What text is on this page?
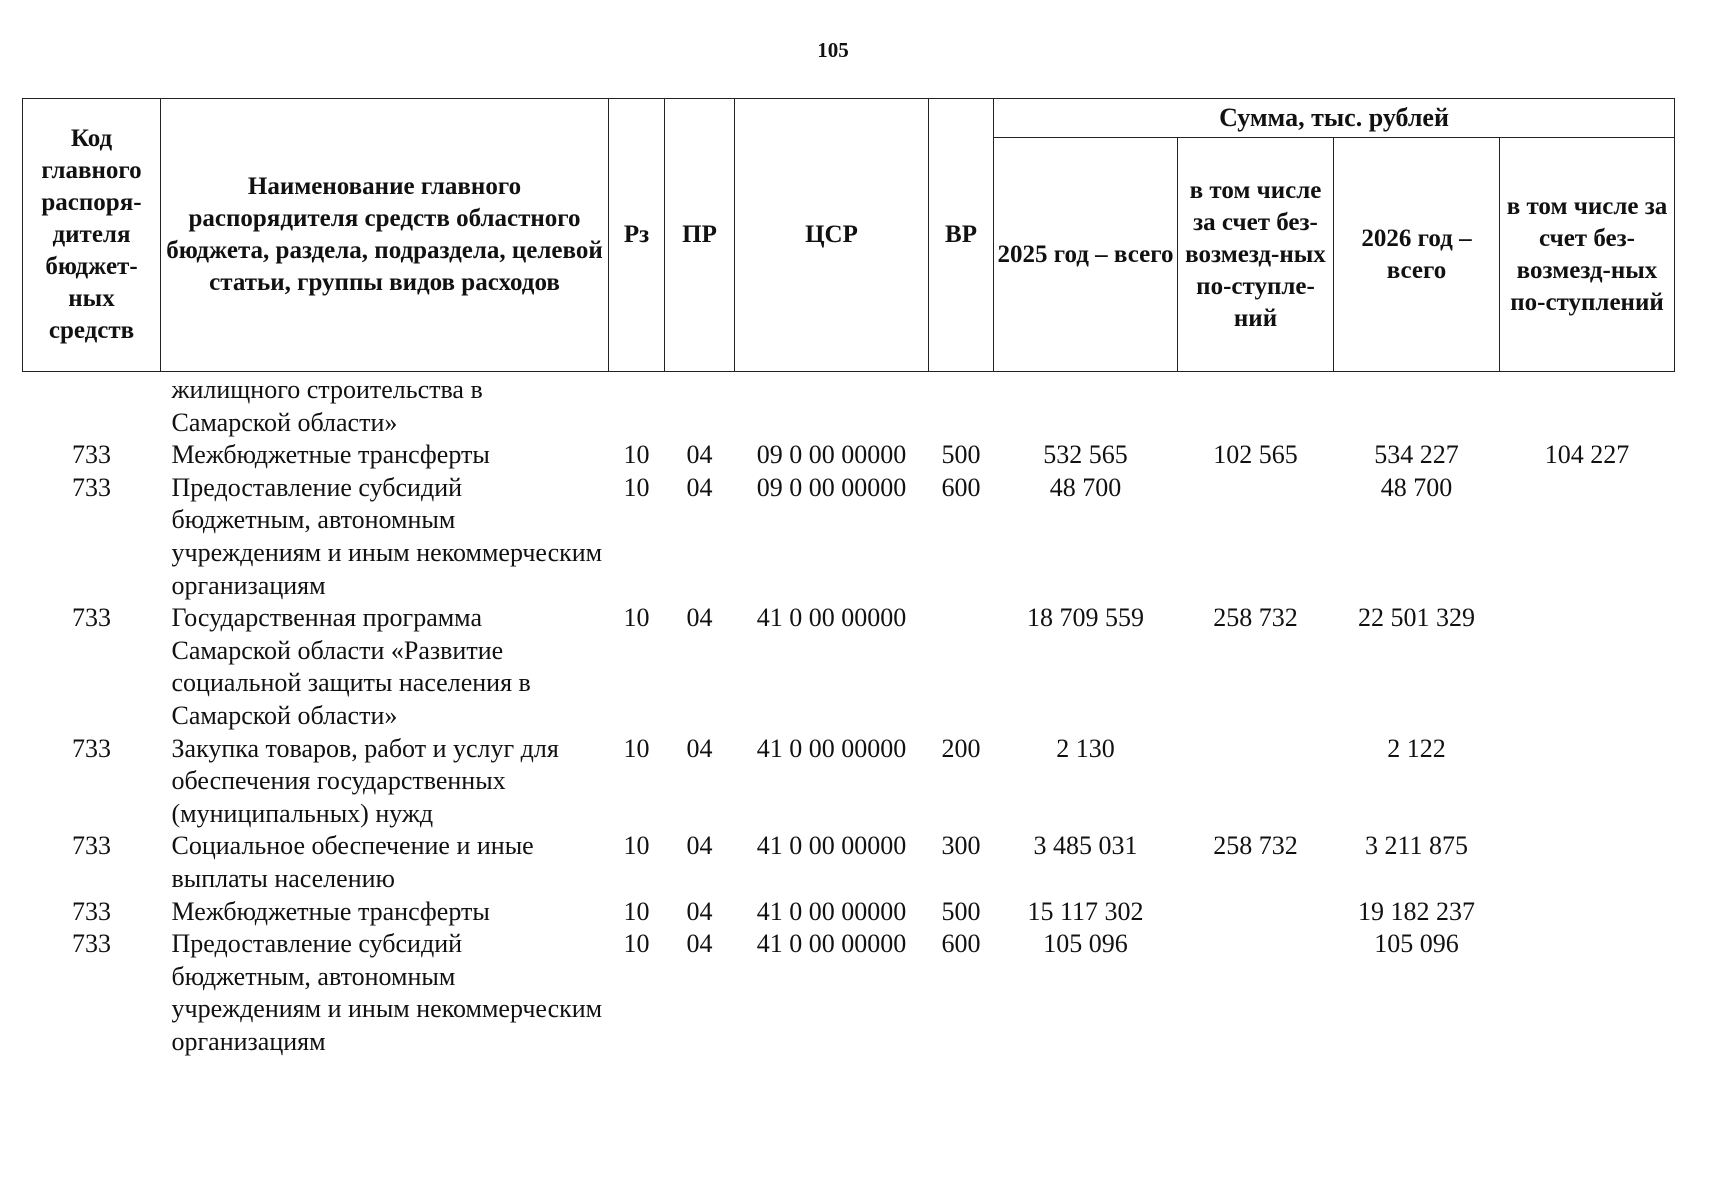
105
Код главного распоря-дителя бюджет-ных средств	Наименование главного распорядителя средств областного бюджета, раздела, подраздела, целевой статьи, группы видов расходов	Рз	ПР	ЦСР	ВР	Сумма, тыс. рублей			
						2025 год – всего	в том числе за счет без-возмезд-ных по-ступле-ний	2026 год – всего	в том числе за счет без-возмезд-ных по-ступлений
	жилищного строительства в Самарской области»								
733	Межбюджетные трансферты	10	04	09 0 00 00000	500	532 565	102 565	534 227	104 227
733	Предоставление субсидий бюджетным, автономным учреждениям и иным некоммерческим организациям	10	04	09 0 00 00000	600	48 700		48 700	
733	Государственная программа Самарской области «Развитие социальной защиты населения в Самарской области»	10	04	41 0 00 00000		18 709 559	258 732	22 501 329	
733	Закупка товаров, работ и услуг для обеспечения государственных (муниципальных) нужд	10	04	41 0 00 00000	200	2 130		2 122	
733	Социальное обеспечение и иные выплаты населению	10	04	41 0 00 00000	300	3 485 031	258 732	3 211 875	
733	Межбюджетные трансферты	10	04	41 0 00 00000	500	15 117 302		19 182 237	
733	Предоставление субсидий бюджетным, автономным учреждениям и иным некоммерческим организациям	10	04	41 0 00 00000	600	105 096		105 096	
